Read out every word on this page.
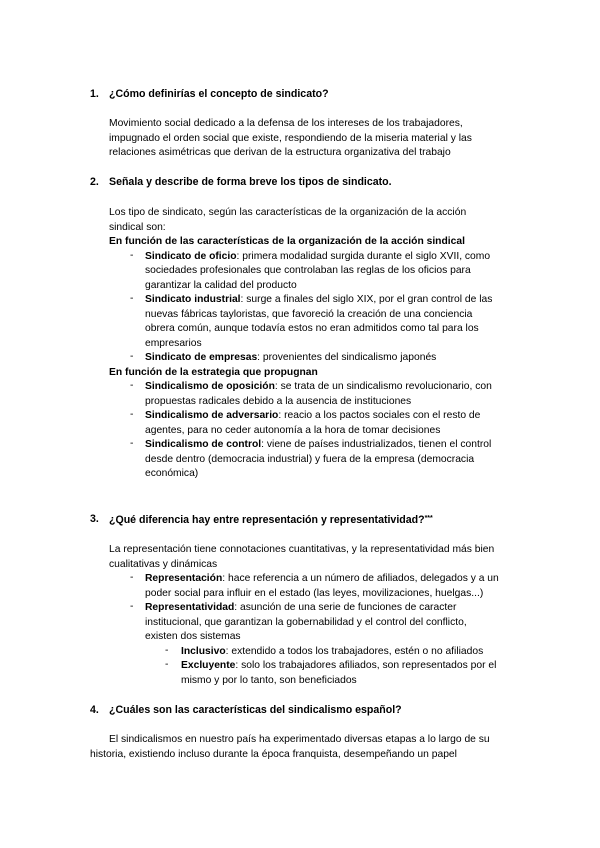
1. ¿Cómo definirías el concepto de sindicato?
Movimiento social dedicado a la defensa de los intereses de los trabajadores,
impugnado el orden social que existe, respondiendo de la miseria material y las
relaciones asimétricas que derivan de la estructura organizativa del trabajo
2. Señala y describe de forma breve los tipos de sindicato.
Los tipo de sindicato, según las características de la organización de la acción
sindical son:
En función de las características de la organización de la acción sindical
- Sindicato de oficio: primera modalidad surgida durante el siglo XVII, como
sociedades profesionales que controlaban las reglas de los oficios para
garantizar la calidad del producto
- Sindicato industrial: surge a finales del siglo XIX, por el gran control de las
nuevas fábricas tayloristas, que favoreció la creación de una conciencia
obrera común, aunque todavía estos no eran admitidos como tal para los
empresarios
- Sindicato de empresas: provenientes del sindicalismo japonés
En función de la estrategia que propugnan
- Sindicalismo de oposición: se trata de un sindicalismo revolucionario, con
propuestas radicales debido a la ausencia de instituciones
- Sindicalismo de adversario: reacio a los pactos sociales con el resto de
agentes, para no ceder autonomía a la hora de tomar decisiones
- Sindicalismo de control: viene de países industrializados, tienen el control
desde dentro (democracia industrial) y fuera de la empresa (democracia
económica)
3. ¿Qué diferencia hay entre representación y representatividad?***
La representación tiene connotaciones cuantitativas, y la representatividad más bien
cualitativas y dinámicas
- Representación: hace referencia a un número de afiliados, delegados y a un
poder social para influir en el estado (las leyes, movilizaciones, huelgas...)
- Representatividad: asunción de una serie de funciones de caracter
institucional, que garantizan la gobernabilidad y el control del conflicto,
existen dos sistemas
- Inclusivo: extendido a todos los trabajadores, estén o no afiliados
- Excluyente: solo los trabajadores afiliados, son representados por el
mismo y por lo tanto, son beneficiados
4. ¿Cuáles son las características del sindicalismo español?
El sindicalismos en nuestro país ha experimentado diversas etapas a lo largo de su
historia, existiendo incluso durante la época franquista, desempeñando un papel
